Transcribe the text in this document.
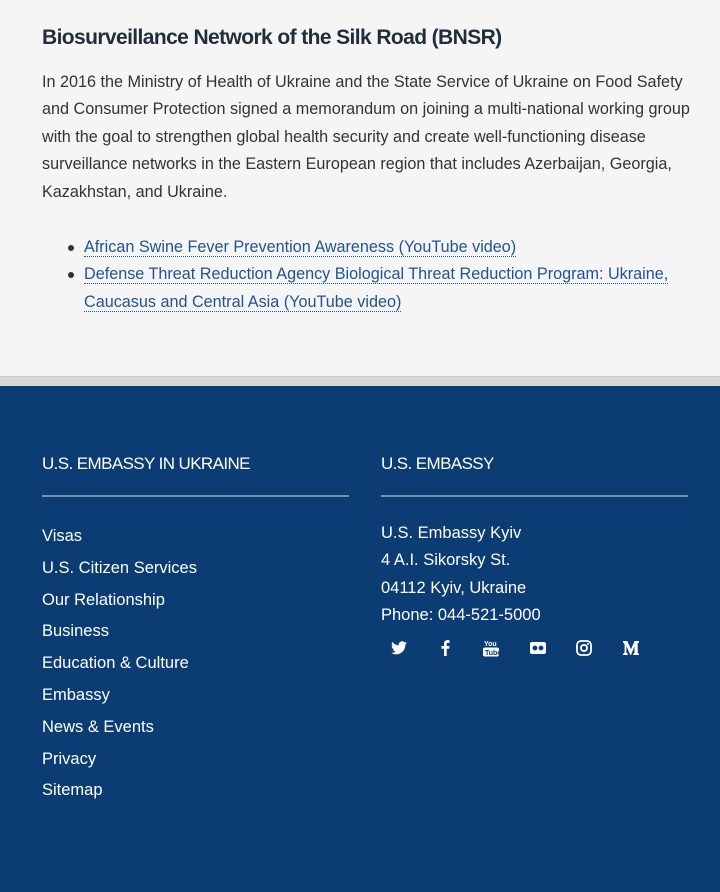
Biosurveillance Network of the Silk Road (BNSR)

In 2016 the Ministry of Health of Ukraine and the State Service of Ukraine on Food Safety and Consumer Protection signed a memorandum on joining a multi-national working group with the goal to strengthen global health security and create well-functioning disease surveillance networks in the Eastern European region that includes Azerbaijan, Georgia, Kazakhstan, and Ukraine.

African Swine Fever Prevention Awareness (YouTube video)
Defense Threat Reduction Agency Biological Threat Reduction Program: Ukraine, Caucasus and Central Asia (YouTube video)
U.S. EMBASSY IN UKRAINE
Visas
U.S. Citizen Services
Our Relationship
Business
Education & Culture
Embassy
News & Events
Privacy
Sitemap
U.S. EMBASSY
U.S. Embassy Kyiv
4 A.I. Sikorsky St.
04112 Kyiv, Ukraine
Phone: 044-521-5000
You
Tube
